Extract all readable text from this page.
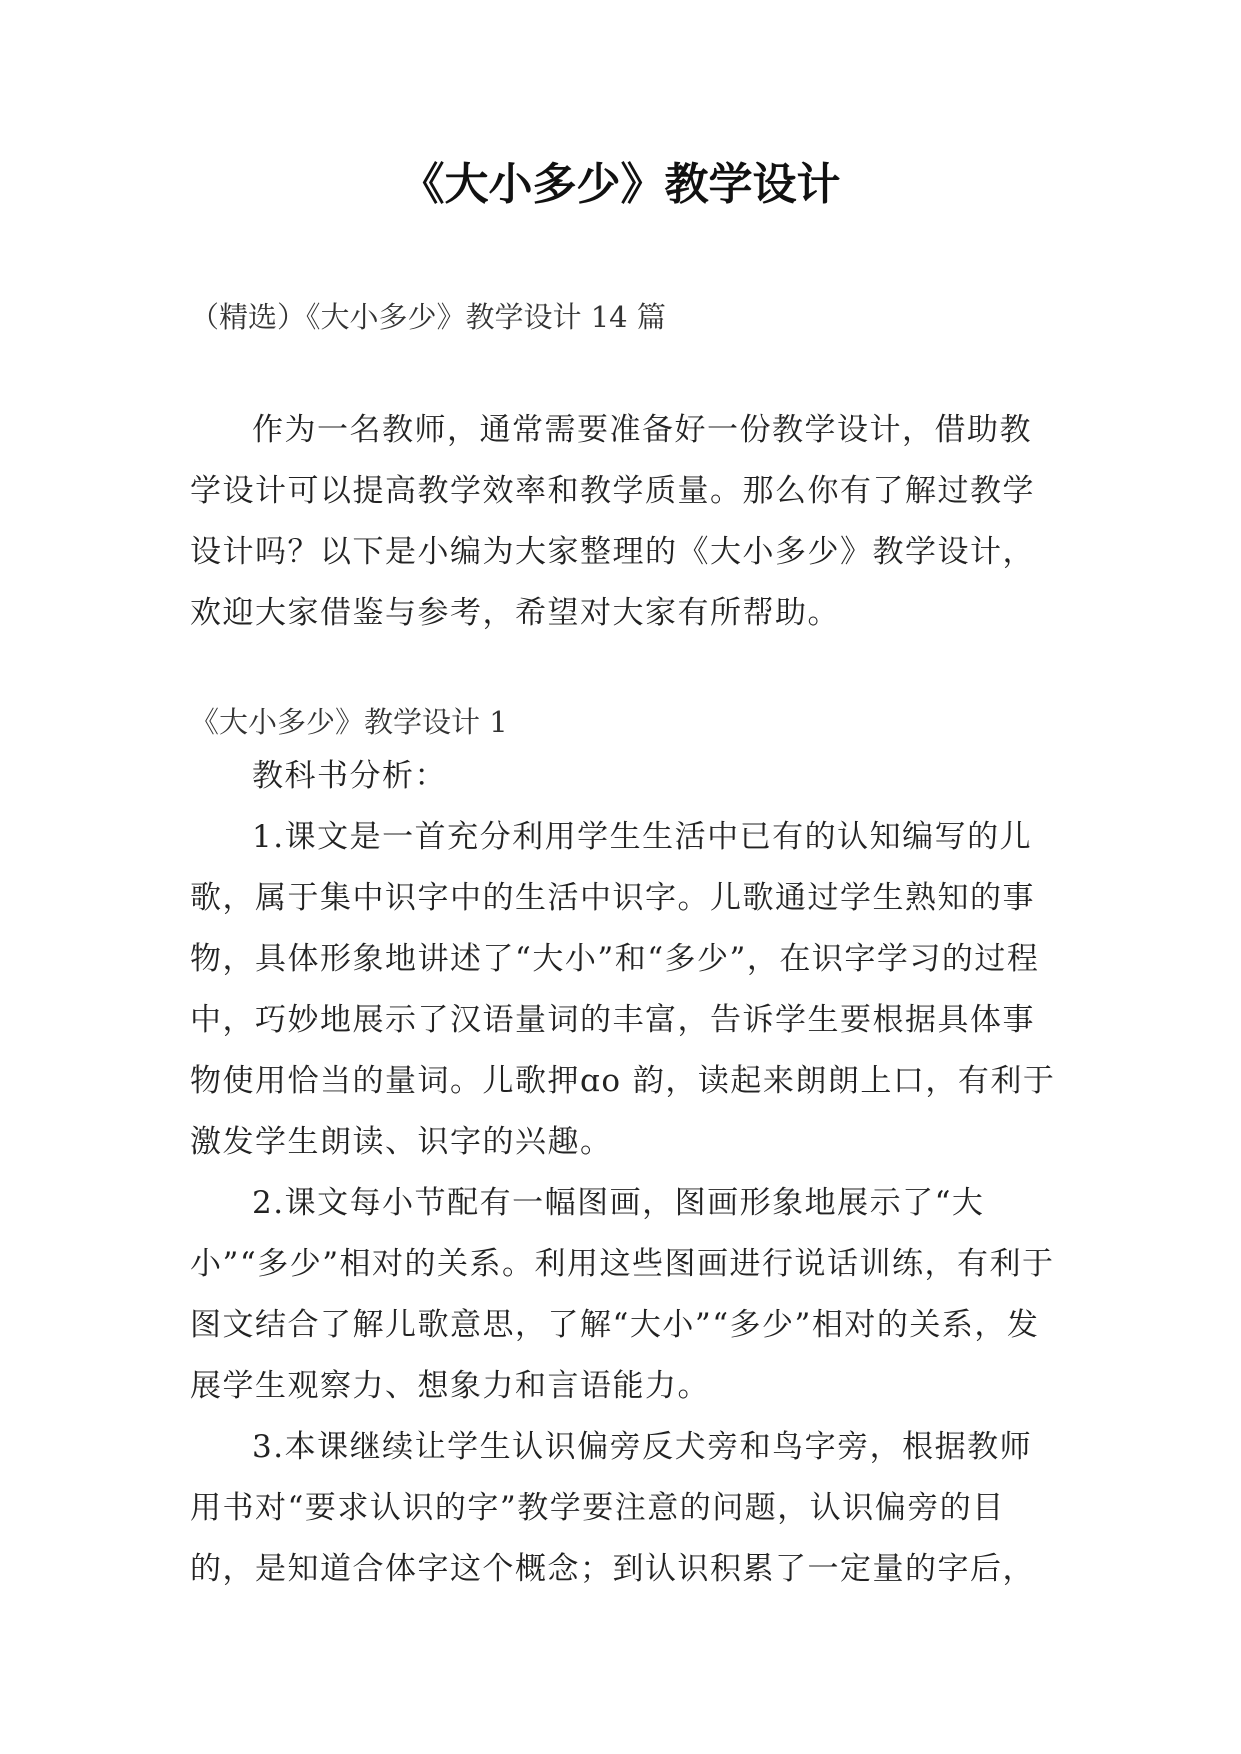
《大小多少》教学设计
（精选）《大小多少》教学设计 14 篇

作为一名教师，通常需要准备好一份教学设计，借助教学设计可以提高教学效率和教学质量。那么你有了解过教学设计吗？以下是小编为大家整理的《大小多少》教学设计，欢迎大家借鉴与参考，希望对大家有所帮助。

《大小多少》教学设计 1

教科书分析：

1.课文是一首充分利用学生生活中已有的认知编写的儿歌，属于集中识字中的生活中识字。儿歌通过学生熟知的事物，具体形象地讲述了“大小”和“多少”，在识字学习的过程中，巧妙地展示了汉语量词的丰富，告诉学生要根据具体事物使用恰当的量词。儿歌押ɑo 韵，读起来朗朗上口，有利于激发学生朗读、识字的兴趣。

2.课文每小节配有一幅图画，图画形象地展示了“大小”“多少”相对的关系。利用这些图画进行说话训练，有利于图文结合了解儿歌意思，了解“大小”“多少”相对的关系，发展学生观察力、想象力和言语能力。

3.本课继续让学生认识偏旁反犬旁和鸟字旁，根据教师用书对“要求认识的字”教学要注意的问题，认识偏旁的目的，是知道合体字这个概念；到认识积累了一定量的字后，
